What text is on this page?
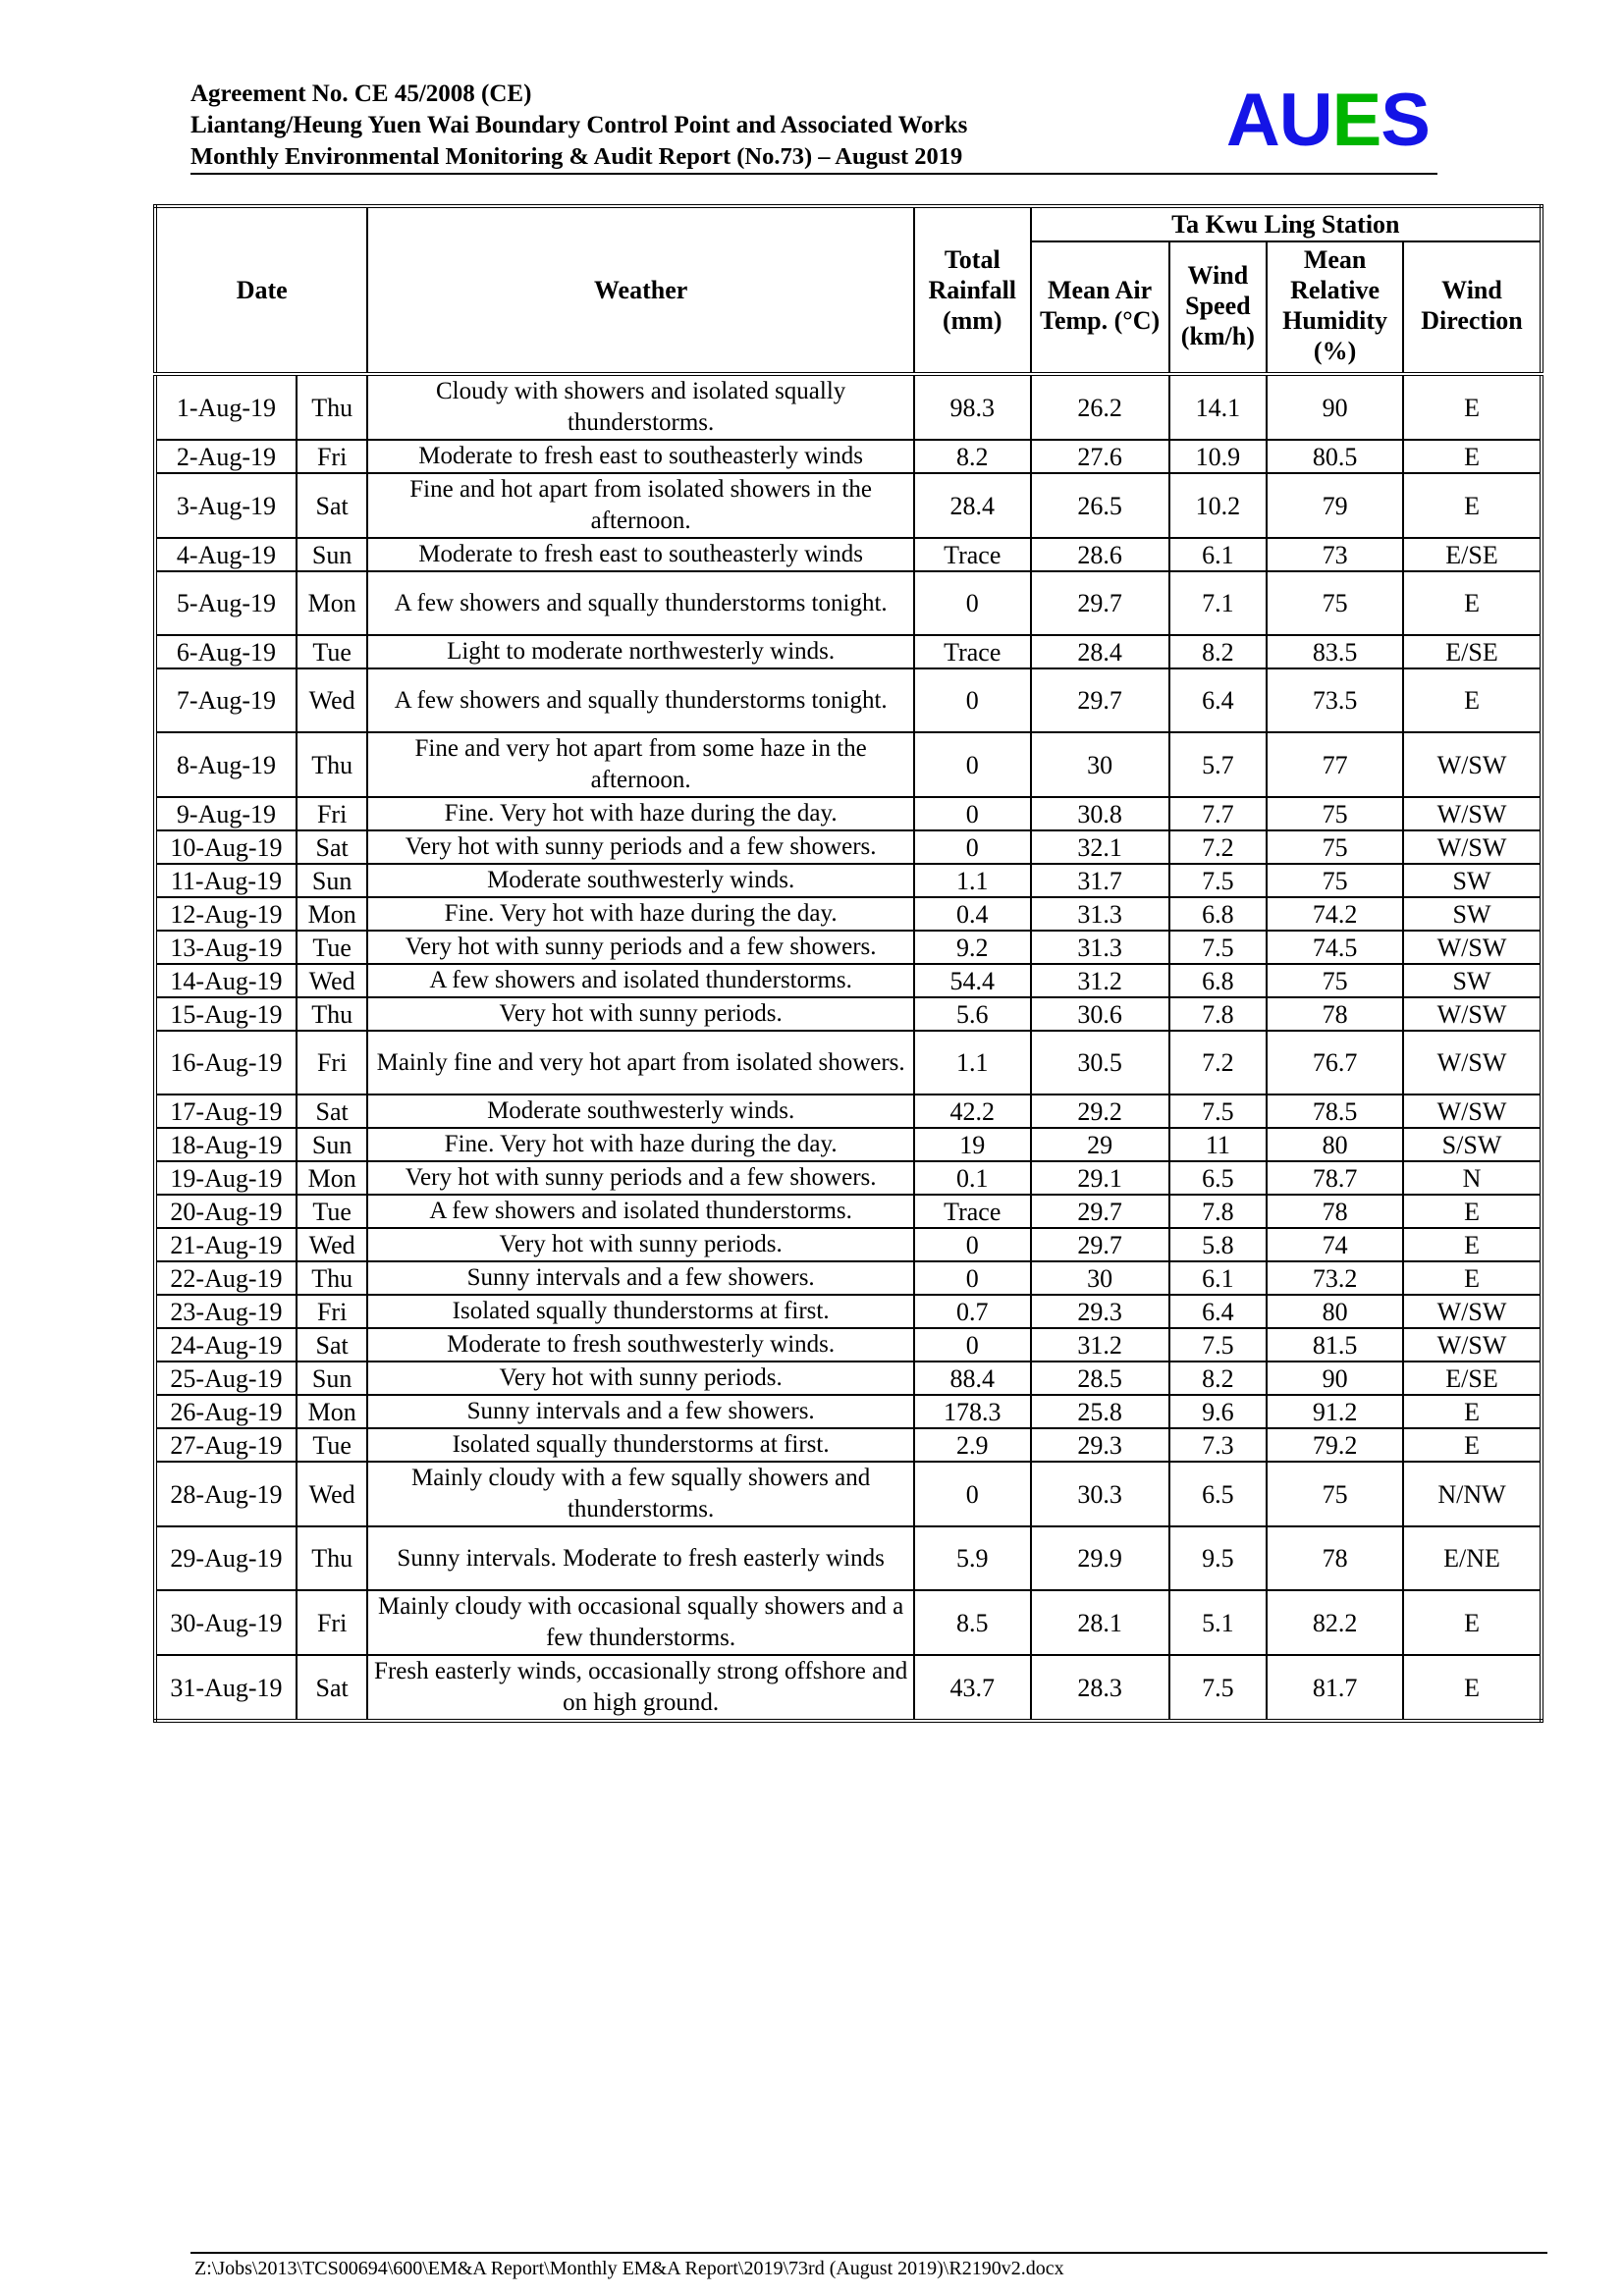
Agreement No. CE 45/2008 (CE)
Liantang/Heung Yuen Wai Boundary Control Point and Associated Works
Monthly Environmental Monitoring & Audit Report (No.73) – August 2019	AUES
Date		Weather	Total Rainfall (mm)	Ta Kwu Ling Station			
				Mean Air Temp. (°C)	Wind Speed (km/h)	Mean Relative Humidity (%)	Wind Direction
1-Aug-19	Thu	Cloudy with showers and isolated squally thunderstorms.	98.3	26.2	14.1	90	E
2-Aug-19	Fri	Moderate to fresh east to southeasterly winds	8.2	27.6	10.9	80.5	E
3-Aug-19	Sat	Fine and hot apart from isolated showers in the afternoon.	28.4	26.5	10.2	79	E
4-Aug-19	Sun	Moderate to fresh east to southeasterly winds	Trace	28.6	6.1	73	E/SE
5-Aug-19	Mon	A few showers and squally thunderstorms tonight.	0	29.7	7.1	75	E
6-Aug-19	Tue	Light to moderate northwesterly winds.	Trace	28.4	8.2	83.5	E/SE
7-Aug-19	Wed	A few showers and squally thunderstorms tonight.	0	29.7	6.4	73.5	E
8-Aug-19	Thu	Fine and very hot apart from some haze in the afternoon.	0	30	5.7	77	W/SW
9-Aug-19	Fri	Fine. Very hot with haze during the day.	0	30.8	7.7	75	W/SW
10-Aug-19	Sat	Very hot with sunny periods and a few showers.	0	32.1	7.2	75	W/SW
11-Aug-19	Sun	Moderate southwesterly winds.	1.1	31.7	7.5	75	SW
12-Aug-19	Mon	Fine. Very hot with haze during the day.	0.4	31.3	6.8	74.2	SW
13-Aug-19	Tue	Very hot with sunny periods and a few showers.	9.2	31.3	7.5	74.5	W/SW
14-Aug-19	Wed	A few showers and isolated thunderstorms.	54.4	31.2	6.8	75	SW
15-Aug-19	Thu	Very hot with sunny periods.	5.6	30.6	7.8	78	W/SW
16-Aug-19	Fri	Mainly fine and very hot apart from isolated showers.	1.1	30.5	7.2	76.7	W/SW
17-Aug-19	Sat	Moderate southwesterly winds.	42.2	29.2	7.5	78.5	W/SW
18-Aug-19	Sun	Fine. Very hot with haze during the day.	19	29	11	80	S/SW
19-Aug-19	Mon	Very hot with sunny periods and a few showers.	0.1	29.1	6.5	78.7	N
20-Aug-19	Tue	A few showers and isolated thunderstorms.	Trace	29.7	7.8	78	E
21-Aug-19	Wed	Very hot with sunny periods.	0	29.7	5.8	74	E
22-Aug-19	Thu	Sunny intervals and a few showers.	0	30	6.1	73.2	E
23-Aug-19	Fri	Isolated squally thunderstorms at first.	0.7	29.3	6.4	80	W/SW
24-Aug-19	Sat	Moderate to fresh southwesterly winds.	0	31.2	7.5	81.5	W/SW
25-Aug-19	Sun	Very hot with sunny periods.	88.4	28.5	8.2	90	E/SE
26-Aug-19	Mon	Sunny intervals and a few showers.	178.3	25.8	9.6	91.2	E
27-Aug-19	Tue	Isolated squally thunderstorms at first.	2.9	29.3	7.3	79.2	E
28-Aug-19	Wed	Mainly cloudy with a few squally showers and thunderstorms.	0	30.3	6.5	75	N/NW
29-Aug-19	Thu	Sunny intervals. Moderate to fresh easterly winds	5.9	29.9	9.5	78	E/NE
30-Aug-19	Fri	Mainly cloudy with occasional squally showers and a few thunderstorms.	8.5	28.1	5.1	82.2	E
31-Aug-19	Sat	Fresh easterly winds, occasionally strong offshore and on high ground.	43.7	28.3	7.5	81.7	E
Z:\Jobs\2013\TCS00694\600\EM&A Report\Monthly EM&A Report\2019\73rd (August 2019)\R2190v2.docx
